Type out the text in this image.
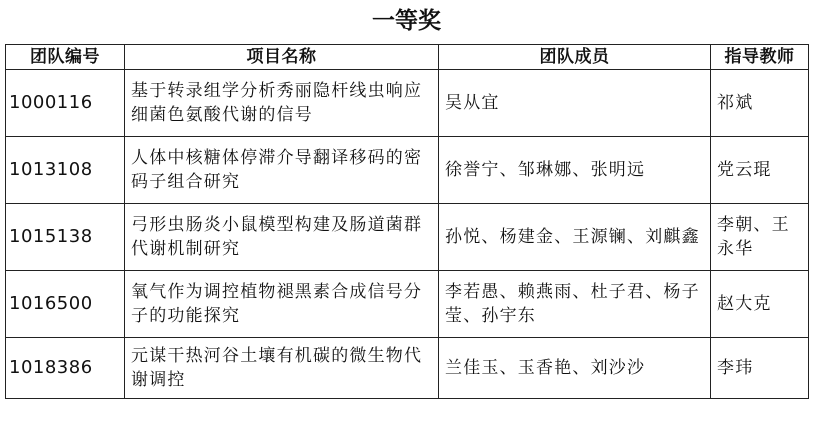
一等奖
团队编号	项目名称	团队成员	指导教师
1000116	基于转录组学分析秀丽隐杆线虫响应细菌色氨酸代谢的信号	吴从宜	祁斌
1013108	人体中核糖体停滞介导翻译移码的密码子组合研究	徐誉宁、邹琳娜、张明远	党云琨
1015138	弓形虫肠炎小鼠模型构建及肠道菌群代谢机制研究	孙悦、杨建金、王源镧、刘麒鑫	李朝、王永华
1016500	氧气作为调控植物褪黑素合成信号分子的功能探究	李若愚、赖燕雨、杜子君、杨子莹、孙宇东	赵大克
1018386	元谋干热河谷土壤有机碳的微生物代谢调控	兰佳玉、玉香艳、刘沙沙	李玮
